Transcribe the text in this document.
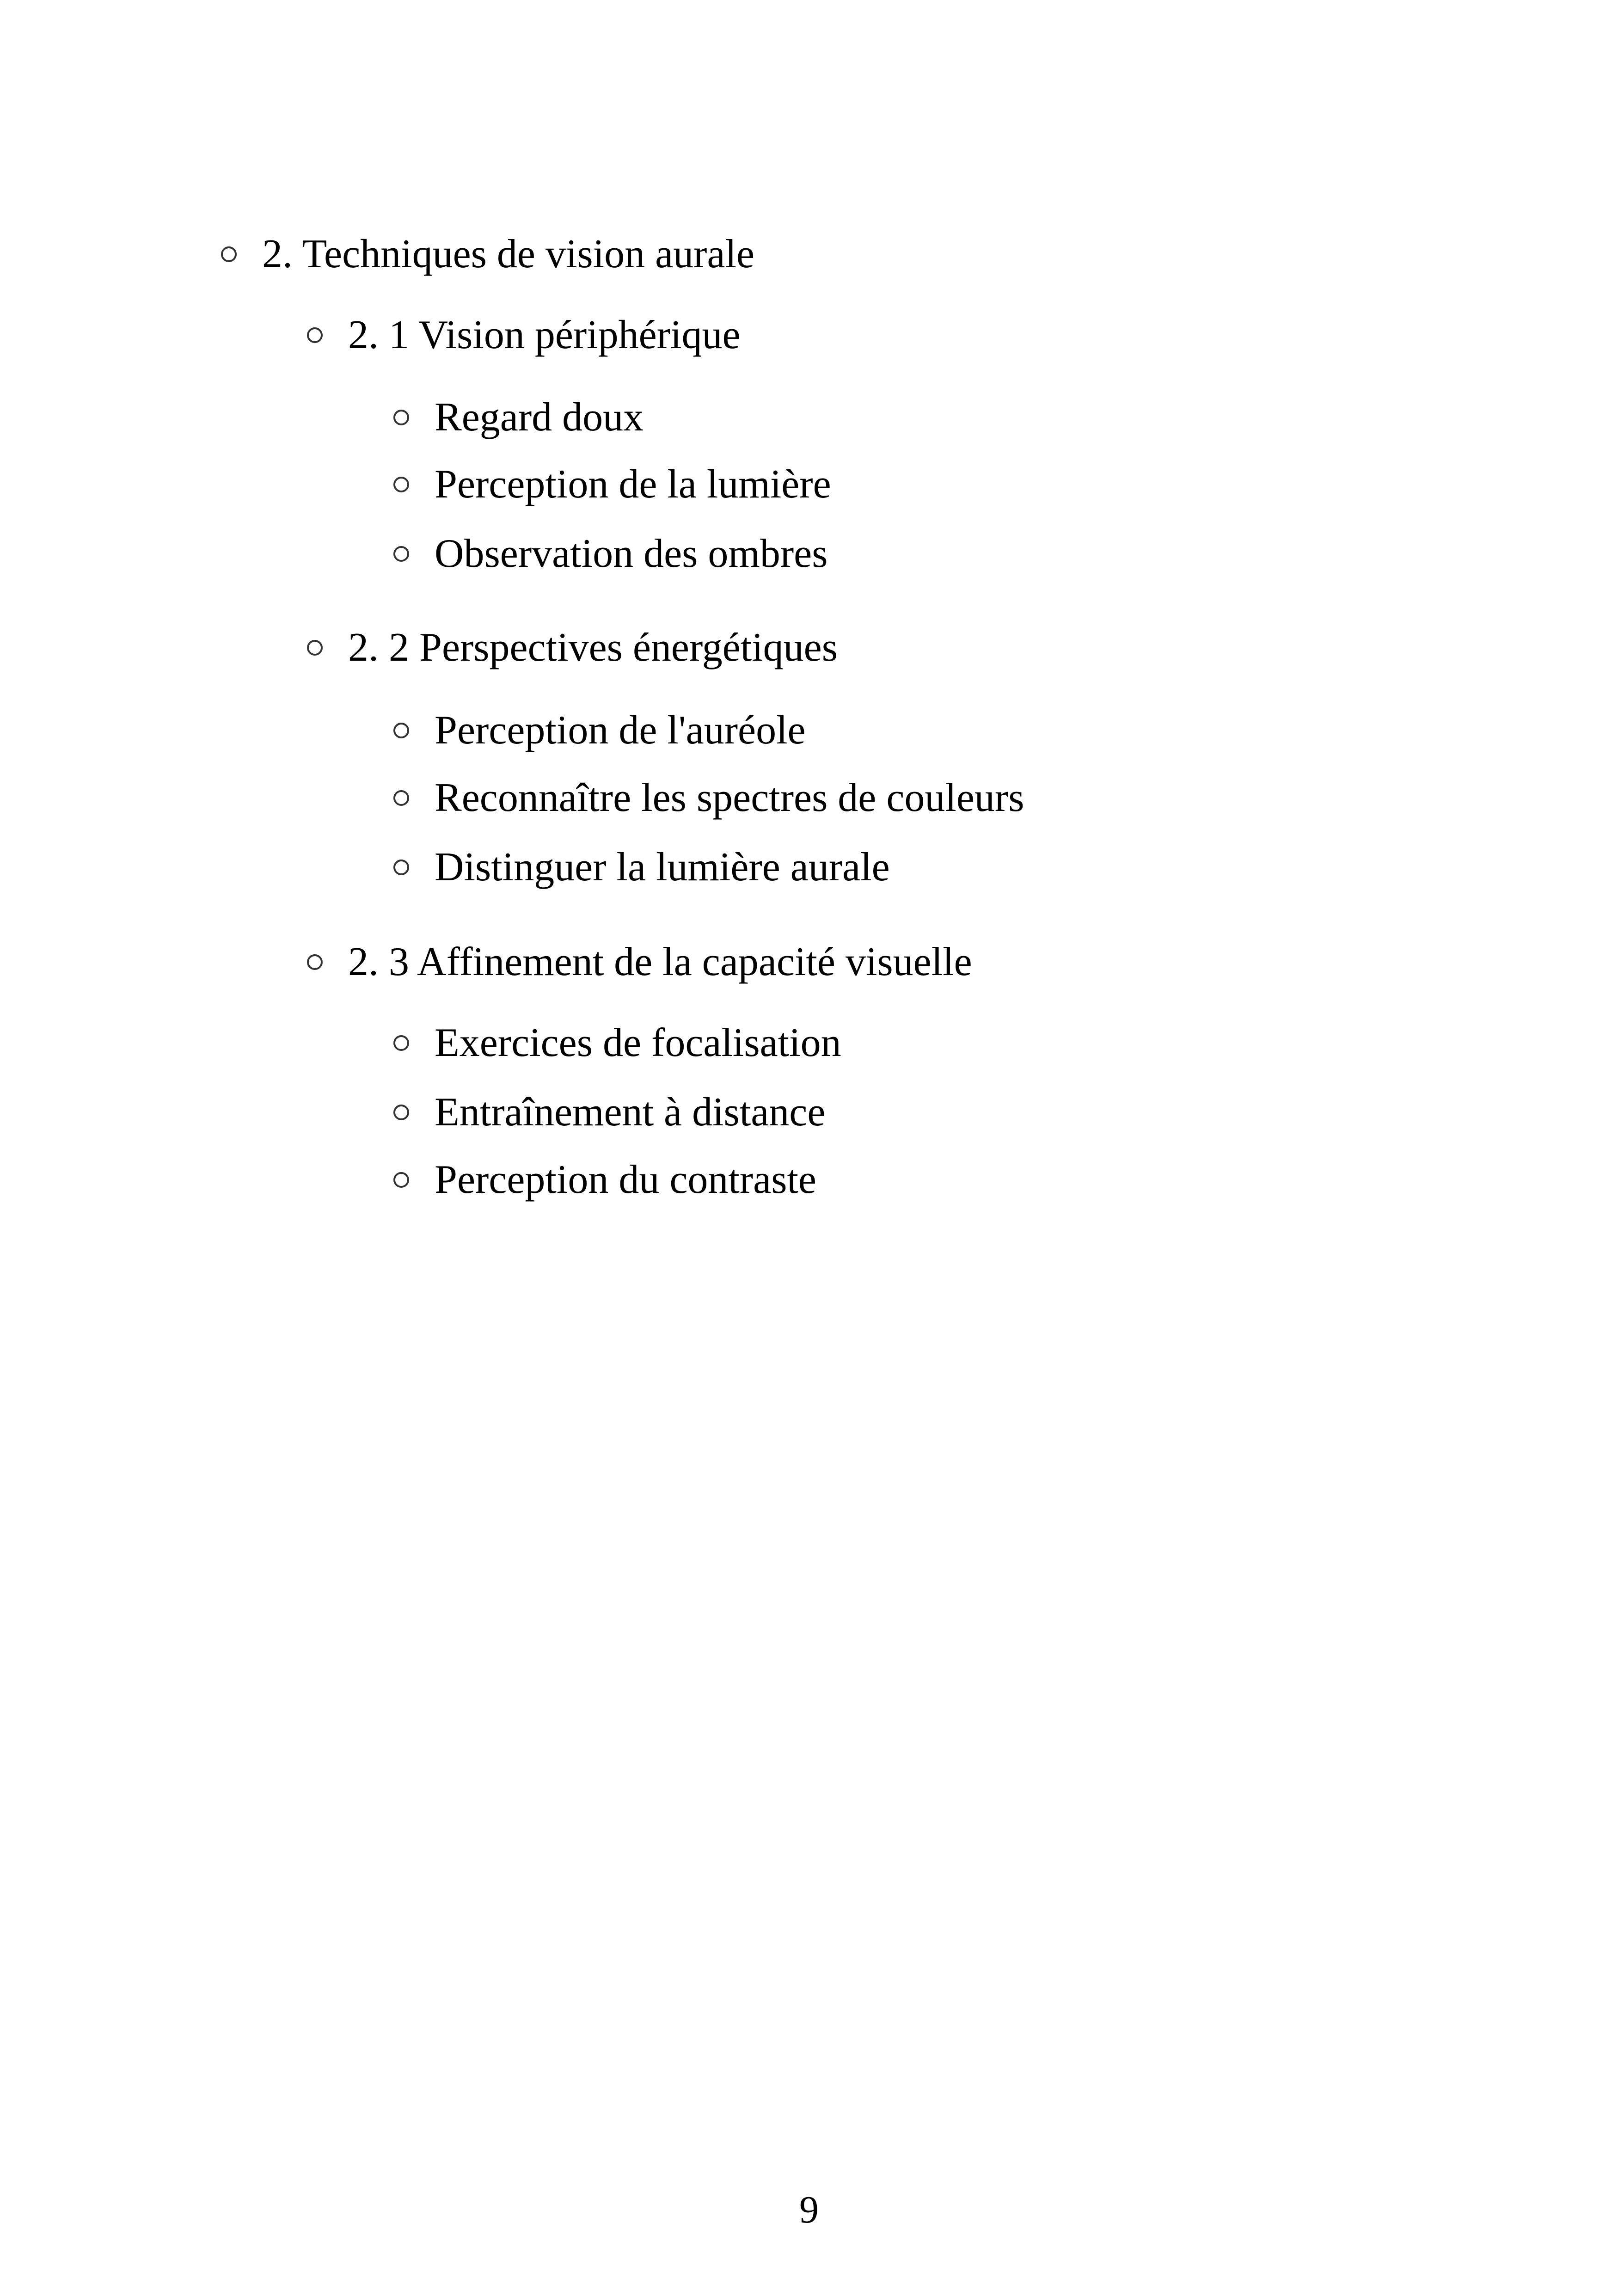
2. Techniques de vision aurale
2. 1 Vision périphérique
Regard doux
Perception de la lumière
Observation des ombres
2. 2 Perspectives énergétiques
Perception de l'auréole
Reconnaître les spectres de couleurs
Distinguer la lumière aurale
2. 3 Affinement de la capacité visuelle
Exercices de focalisation
Entraînement à distance
Perception du contraste
9
